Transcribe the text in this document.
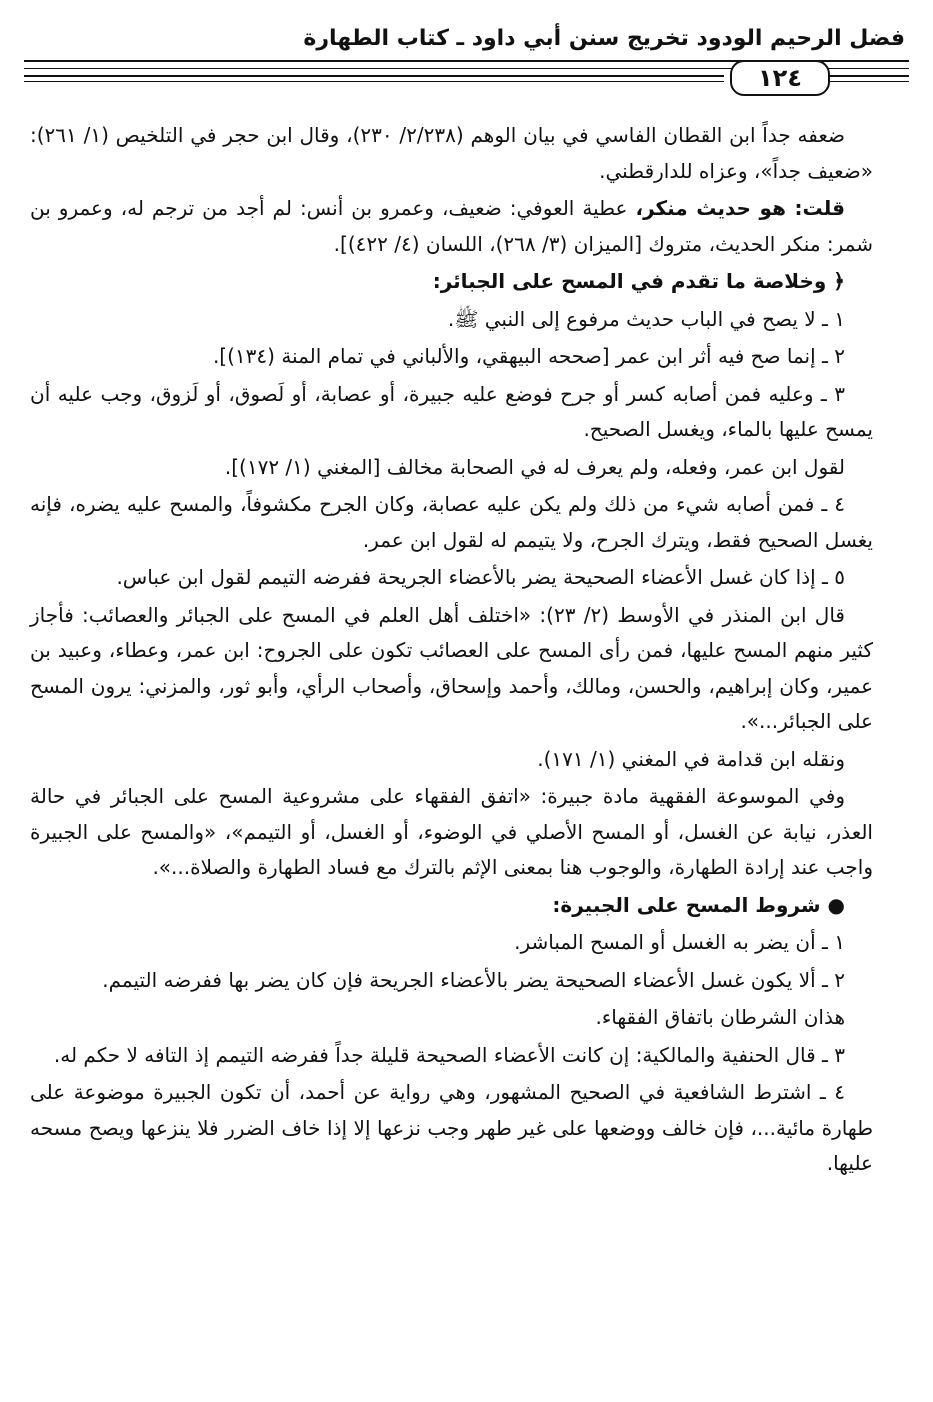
فضل الرحيم الودود تخريج سنن أبي داود ـ كتاب الطهارة
١٢٤

ضعفه جداً ابن القطان الفاسي في بيان الوهم (٢/٢٣٨/ ٢٣٠)، وقال ابن حجر في التلخيص (١/ ٢٦١): «ضعيف جداً»، وعزاه للدارقطني.

قلت: هو حديث منكر، عطية العوفي: ضعيف، وعمرو بن أنس: لم أجد من ترجم له، وعمرو بن شمر: منكر الحديث، متروك [الميزان (٣/ ٢٦٨)، اللسان (٤/ ٤٢٢)].

﴿ وخلاصة ما تقدم في المسح على الجبائر:

١ ـ لا يصح في الباب حديث مرفوع إلى النبي ﷺ.

٢ ـ إنما صح فيه أثر ابن عمر [صححه البيهقي، والألباني في تمام المنة (١٣٤)].

٣ ـ وعليه فمن أصابه كسر أو جرح فوضع عليه جبيرة، أو عصابة، أو لَصوق، أو لَزوق، وجب عليه أن يمسح عليها بالماء، ويغسل الصحيح.

لقول ابن عمر، وفعله، ولم يعرف له في الصحابة مخالف [المغني (١/ ١٧٢)].

٤ ـ فمن أصابه شيء من ذلك ولم يكن عليه عصابة، وكان الجرح مكشوفاً، والمسح عليه يضره، فإنه يغسل الصحيح فقط، ويترك الجرح، ولا يتيمم له لقول ابن عمر.

٥ ـ إذا كان غسل الأعضاء الصحيحة يضر بالأعضاء الجريحة ففرضه التيمم لقول ابن عباس.

قال ابن المنذر في الأوسط (٢/ ٢٣): «اختلف أهل العلم في المسح على الجبائر والعصائب: فأجاز كثير منهم المسح عليها، فمن رأى المسح على العصائب تكون على الجروح: ابن عمر، وعطاء، وعبيد بن عمير، وكان إبراهيم، والحسن، ومالك، وأحمد وإسحاق، وأصحاب الرأي، وأبو ثور، والمزني: يرون المسح على الجبائر...».

ونقله ابن قدامة في المغني (١/ ١٧١).

وفي الموسوعة الفقهية مادة جبيرة: «اتفق الفقهاء على مشروعية المسح على الجبائر في حالة العذر، نيابة عن الغسل، أو المسح الأصلي في الوضوء، أو الغسل، أو التيمم»، «والمسح على الجبيرة واجب عند إرادة الطهارة، والوجوب هنا بمعنى الإثم بالترك مع فساد الطهارة والصلاة...».

● شروط المسح على الجبيرة:

١ ـ أن يضر به الغسل أو المسح المباشر.

٢ ـ ألا يكون غسل الأعضاء الصحيحة يضر بالأعضاء الجريحة فإن كان يضر بها ففرضه التيمم.

هذان الشرطان باتفاق الفقهاء.

٣ ـ قال الحنفية والمالكية: إن كانت الأعضاء الصحيحة قليلة جداً ففرضه التيمم إذ التافه لا حكم له.

٤ ـ اشترط الشافعية في الصحيح المشهور، وهي رواية عن أحمد، أن تكون الجبيرة موضوعة على طهارة مائية...، فإن خالف ووضعها على غير طهر وجب نزعها إلا إذا خاف الضرر فلا ينزعها ويصح مسحه عليها.
